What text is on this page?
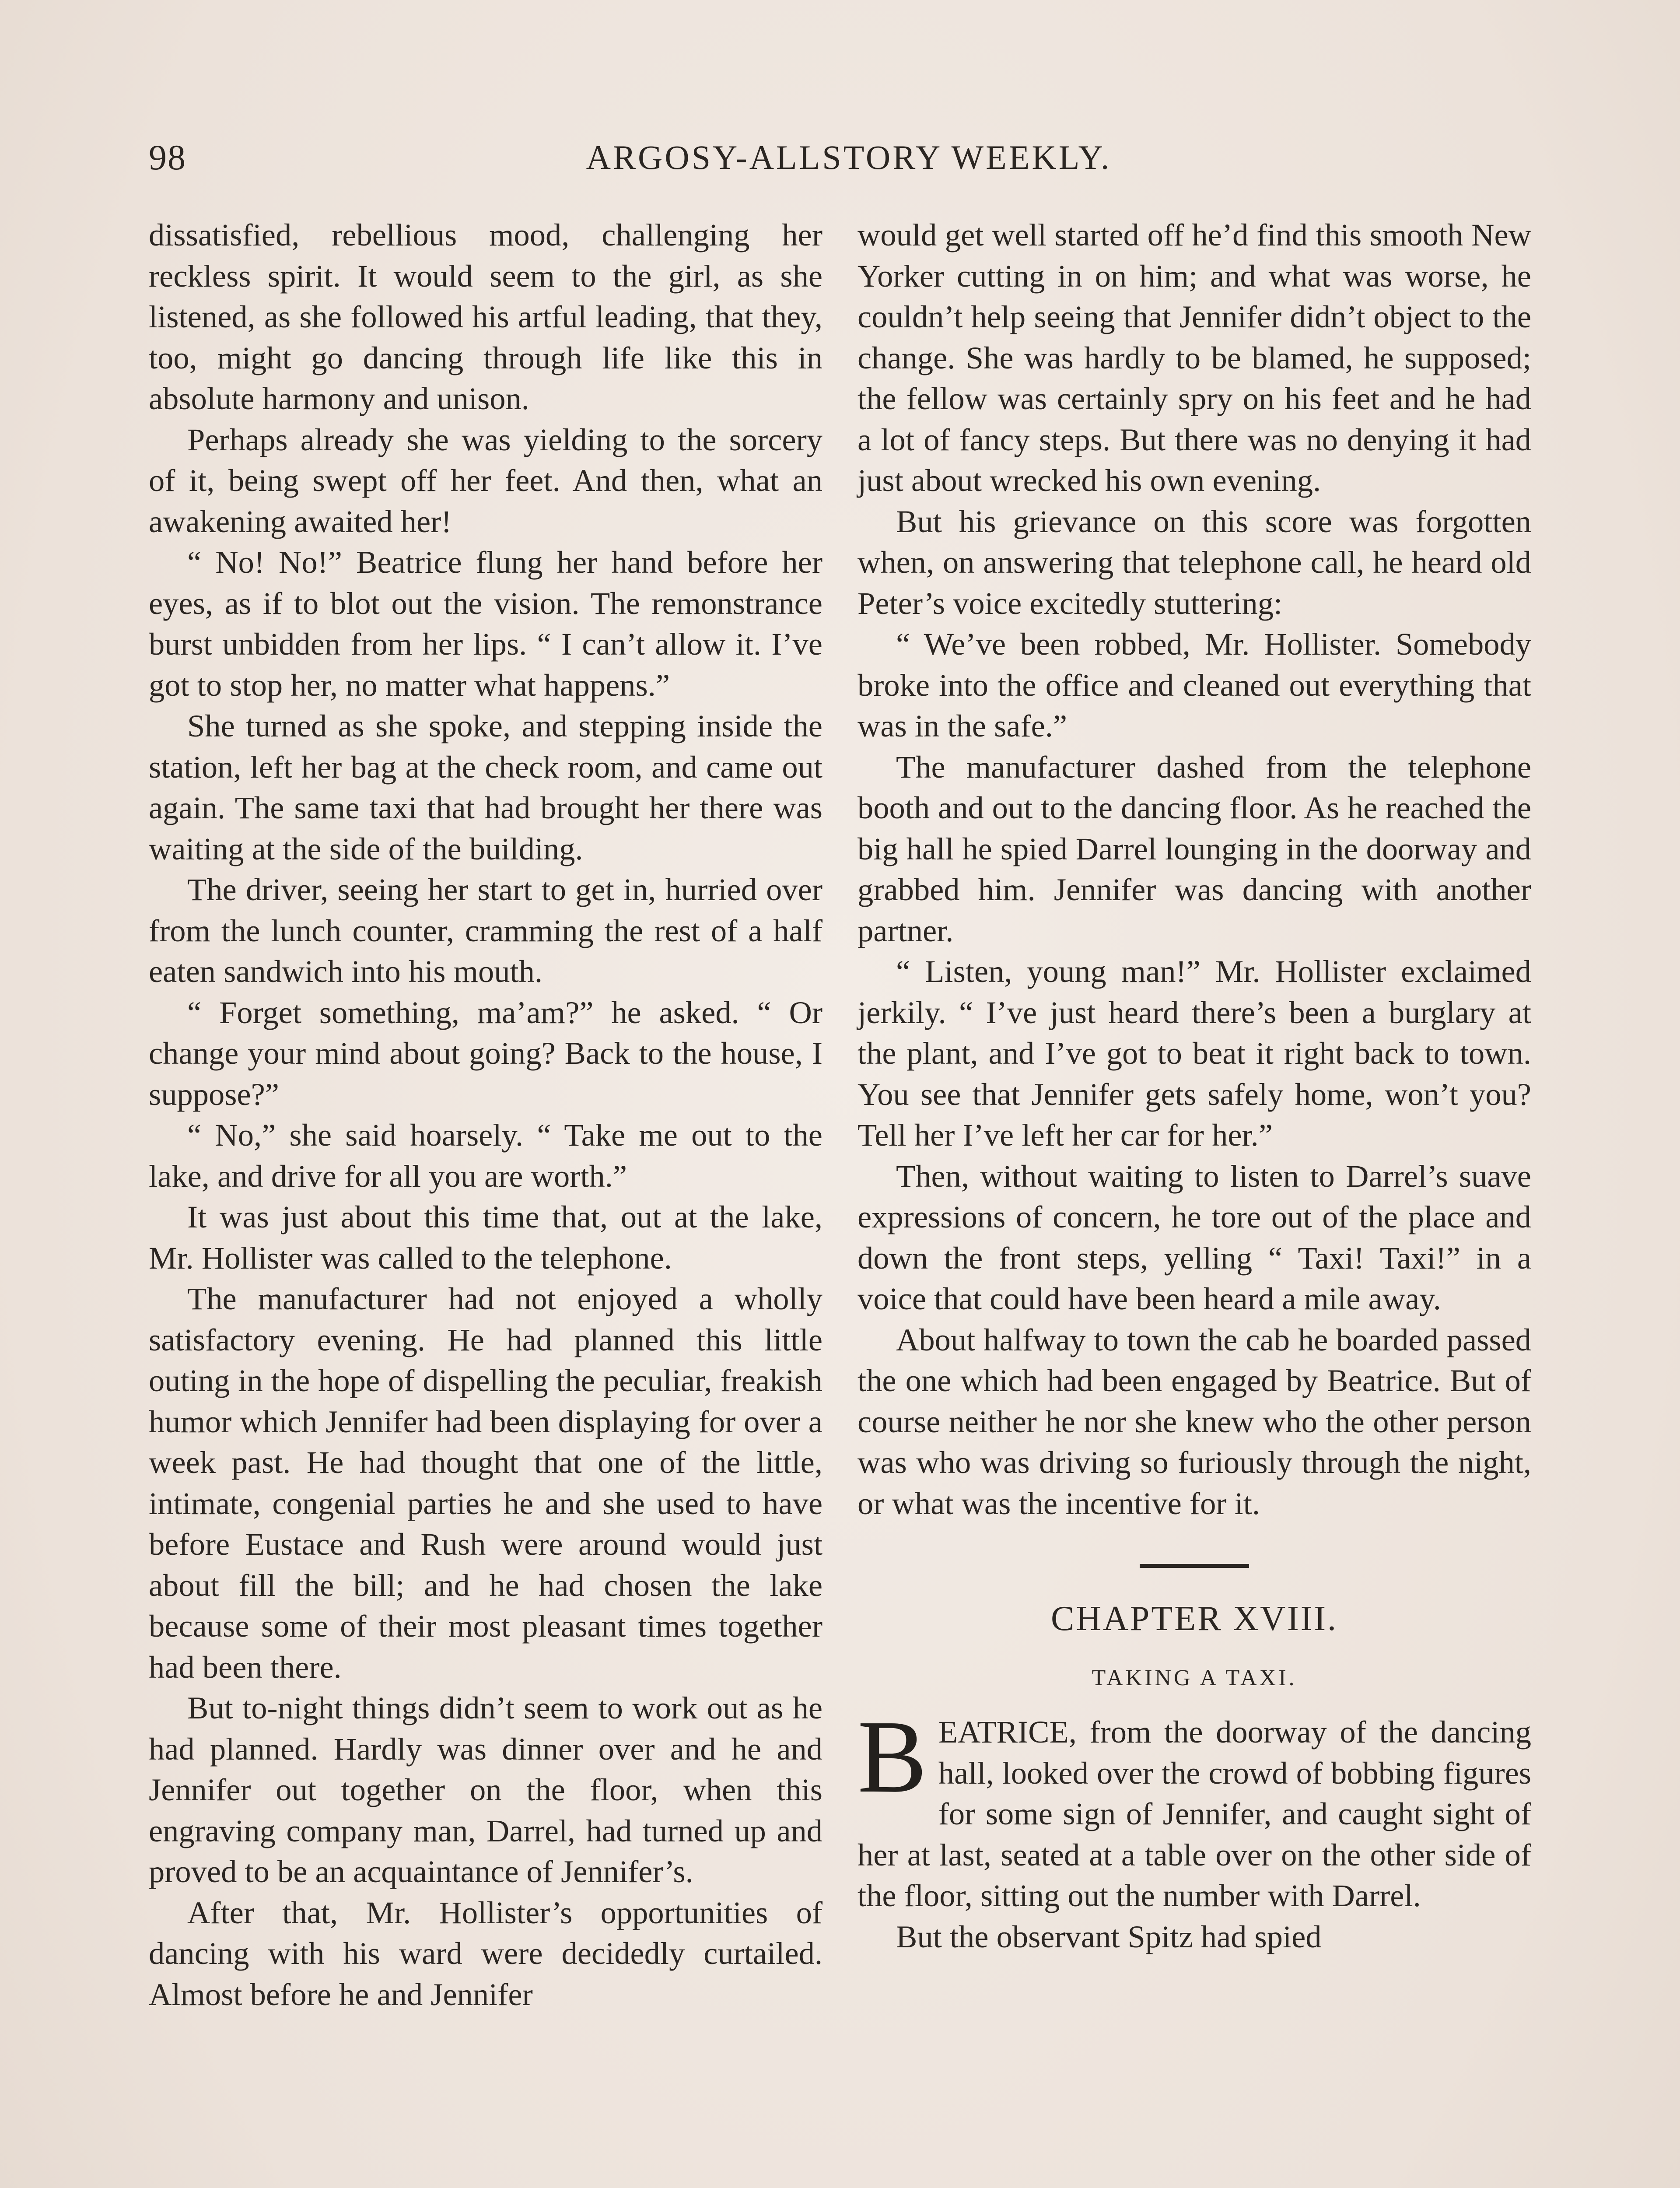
98	ARGOSY-ALLSTORY WEEKLY.

dissatisfied, rebellious mood, challenging her reckless spirit. It would seem to the girl, as she listened, as she followed his artful leading, that they, too, might go dancing through life like this in absolute harmony and unison.

Perhaps already she was yielding to the sorcery of it, being swept off her feet. And then, what an awakening awaited her!

“ No! No!” Beatrice flung her hand before her eyes, as if to blot out the vision. The remonstrance burst unbidden from her lips. “ I can’t allow it. I’ve got to stop her, no matter what happens.”

She turned as she spoke, and stepping inside the station, left her bag at the check room, and came out again. The same taxi that had brought her there was waiting at the side of the building.

The driver, seeing her start to get in, hurried over from the lunch counter, cramming the rest of a half eaten sandwich into his mouth.

“ Forget something, ma’am?” he asked. “ Or change your mind about going? Back to the house, I suppose?”

“ No,” she said hoarsely. “ Take me out to the lake, and drive for all you are worth.”

It was just about this time that, out at the lake, Mr. Hollister was called to the telephone.

The manufacturer had not enjoyed a wholly satisfactory evening. He had planned this little outing in the hope of dispelling the peculiar, freakish humor which Jennifer had been displaying for over a week past. He had thought that one of the little, intimate, congenial parties he and she used to have before Eustace and Rush were around would just about fill the bill; and he had chosen the lake because some of their most pleasant times together had been there.

But to-night things didn’t seem to work out as he had planned. Hardly was dinner over and he and Jennifer out together on the floor, when this engraving company man, Darrel, had turned up and proved to be an acquaintance of Jennifer’s.

After that, Mr. Hollister’s opportunities of dancing with his ward were decidedly curtailed. Almost before he and Jennifer

would get well started off he’d find this smooth New Yorker cutting in on him; and what was worse, he couldn’t help seeing that Jennifer didn’t object to the change. She was hardly to be blamed, he supposed; the fellow was certainly spry on his feet and he had a lot of fancy steps. But there was no denying it had just about wrecked his own evening.

But his grievance on this score was forgotten when, on answering that telephone call, he heard old Peter’s voice excitedly stuttering:

“ We’ve been robbed, Mr. Hollister. Somebody broke into the office and cleaned out everything that was in the safe.”

The manufacturer dashed from the telephone booth and out to the dancing floor. As he reached the big hall he spied Darrel lounging in the doorway and grabbed him. Jennifer was dancing with another partner.

“ Listen, young man!” Mr. Hollister exclaimed jerkily. “ I’ve just heard there’s been a burglary at the plant, and I’ve got to beat it right back to town. You see that Jennifer gets safely home, won’t you? Tell her I’ve left her car for her.”

Then, without waiting to listen to Darrel’s suave expressions of concern, he tore out of the place and down the front steps, yelling “ Taxi! Taxi!” in a voice that could have been heard a mile away.

About halfway to town the cab he boarded passed the one which had been engaged by Beatrice. But of course neither he nor she knew who the other person was who was driving so furiously through the night, or what was the incentive for it.

CHAPTER XVIII.
TAKING A TAXI.

BEATRICE, from the doorway of the dancing hall, looked over the crowd of bobbing figures for some sign of Jennifer, and caught sight of her at last, seated at a table over on the other side of the floor, sitting out the number with Darrel.

But the observant Spitz had spied
